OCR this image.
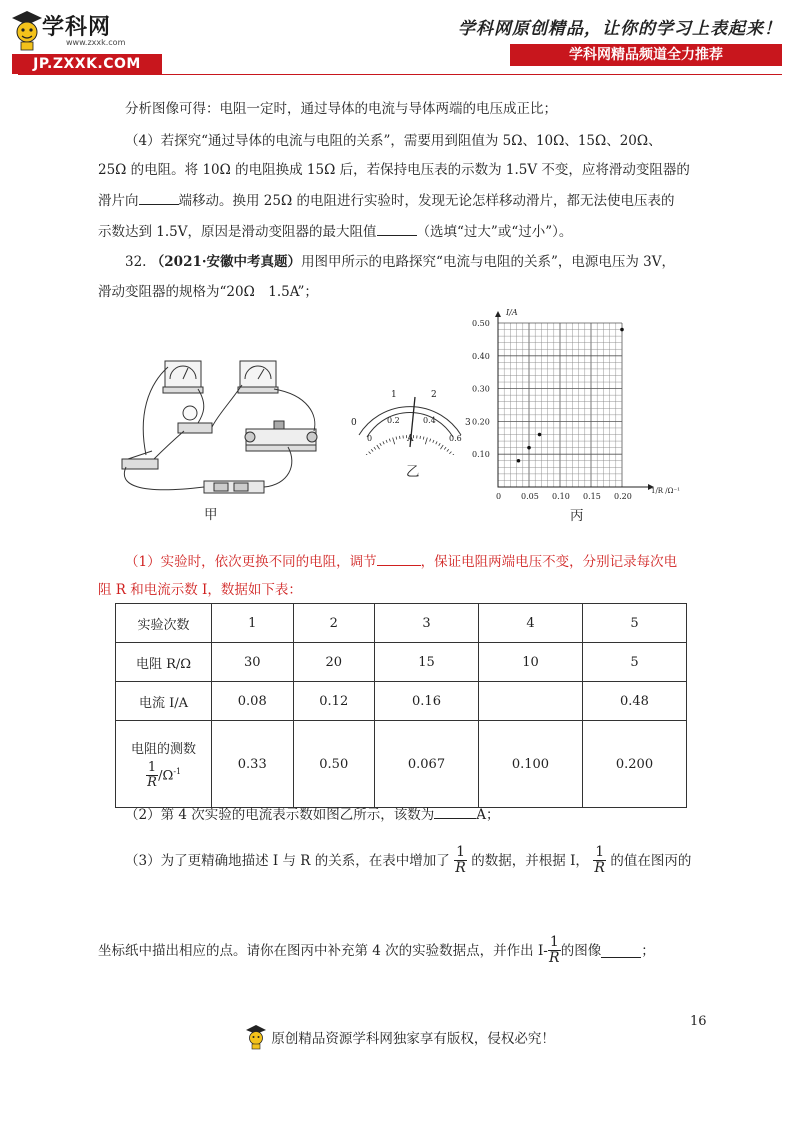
学科网
www.zxxk.com
JP.ZXXK.COM
学科网原创精品，让你的学习上表起来！
学科网精品频道全力推荐
分析图像可得：电阻一定时，通过导体的电流与导体两端的电压成正比；
（4）若探究“通过导体的电流与电阻的关系”，需要用到阻值为 5Ω、10Ω、15Ω、20Ω、
25Ω 的电阻。将 10Ω 的电阻换成 15Ω 后，若保持电压表的示数为 1.5V 不变，应将滑动变阻器的
滑片向	端移动。换用 25Ω 的电阻进行实验时，发现无论怎样移动滑片，都无法使电压表的
示数达到 1.5V，原因是滑动变阻器的最大阻值	（选填“过大”或“过小”）。
32. （2021·安徽中考真题）用图甲所示的电路探究“电流与电阻的关系”，电源电压为 3V，
滑动变阻器的规格为“20Ω　1.5A”；
甲
0
1	2
3
0
0.2	0.4
0.6
A
乙
0 0.05 0.10 0.15 0.20
0.10
0.20
0.30
0.40
0.50
I/A
1/R /Ω⁻¹
丙
（1）实验时，依次更换不同的电阻，调节	，保证电阻两端电压不变，分别记录每次电
阻 R 和电流示数 I，数据如下表：
实验次数	1	2	3	4	5
电阻 R/Ω	30	20	15	10	5
电流 I/A	0.08	0.12	0.16		0.48

电阻的测数
$\frac{1}{R} /\Omega^{-1}$	0.33	0.50	0.067	0.100	0.200
（2）第 4 次实验的电流表示数如图乙所示，该数为	A；
（3）为了更精确地描述 I 与 R 的关系，在表中增加了 $\frac{1}{R}$ 的数据，并根据 I， $\frac{1}{R}$ 的值在图丙的
坐标纸中描出相应的点。请你在图丙中补充第 4 次的实验数据点，并作出 $I- \frac{1}{R}$ 的图像	；
16
原创精品资源学科网独家享有版权，侵权必究！
